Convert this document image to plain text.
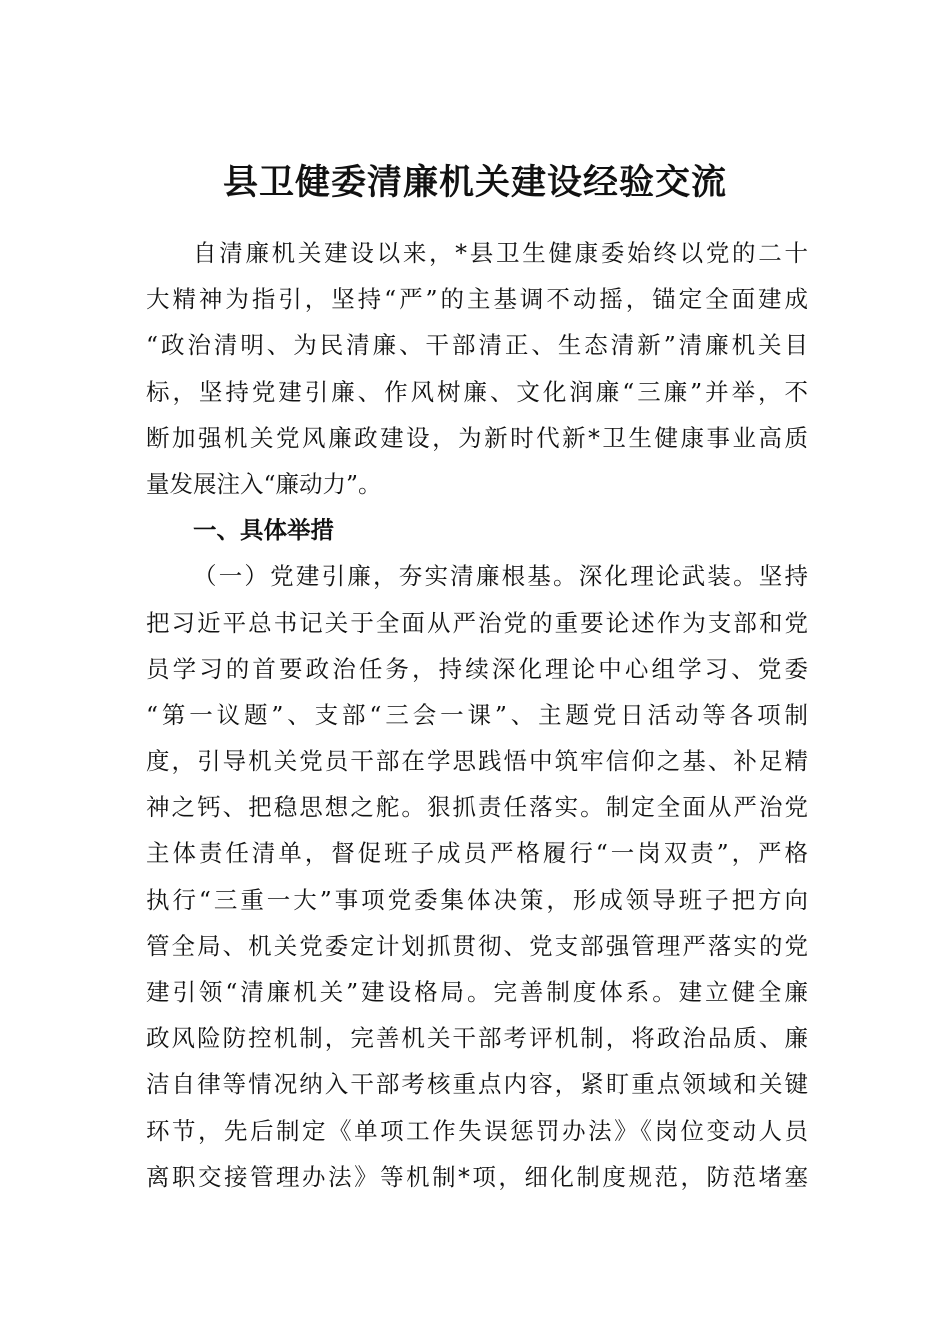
县卫健委清廉机关建设经验交流
自清廉机关建设以来，*县卫生健康委始终以党的二十
大精神为指引，坚持“严”的主基调不动摇，锚定全面建成
“政治清明、为民清廉、干部清正、生态清新”清廉机关目
标，坚持党建引廉、作风树廉、文化润廉“三廉”并举，不
断加强机关党风廉政建设，为新时代新*卫生健康事业高质
量发展注入“廉动力”。
一、具体举措
（一）党建引廉，夯实清廉根基。深化理论武装。坚持
把习近平总书记关于全面从严治党的重要论述作为支部和党
员学习的首要政治任务，持续深化理论中心组学习、党委
“第一议题”、支部“三会一课”、主题党日活动等各项制
度，引导机关党员干部在学思践悟中筑牢信仰之基、补足精
神之钙、把稳思想之舵。狠抓责任落实。制定全面从严治党
主体责任清单，督促班子成员严格履行“一岗双责”，严格
执行“三重一大”事项党委集体决策，形成领导班子把方向
管全局、机关党委定计划抓贯彻、党支部强管理严落实的党
建引领“清廉机关”建设格局。完善制度体系。建立健全廉
政风险防控机制，完善机关干部考评机制，将政治品质、廉
洁自律等情况纳入干部考核重点内容，紧盯重点领域和关键
环节，先后制定《单项工作失误惩罚办法》《岗位变动人员
离职交接管理办法》等机制*项，细化制度规范，防范堵塞
